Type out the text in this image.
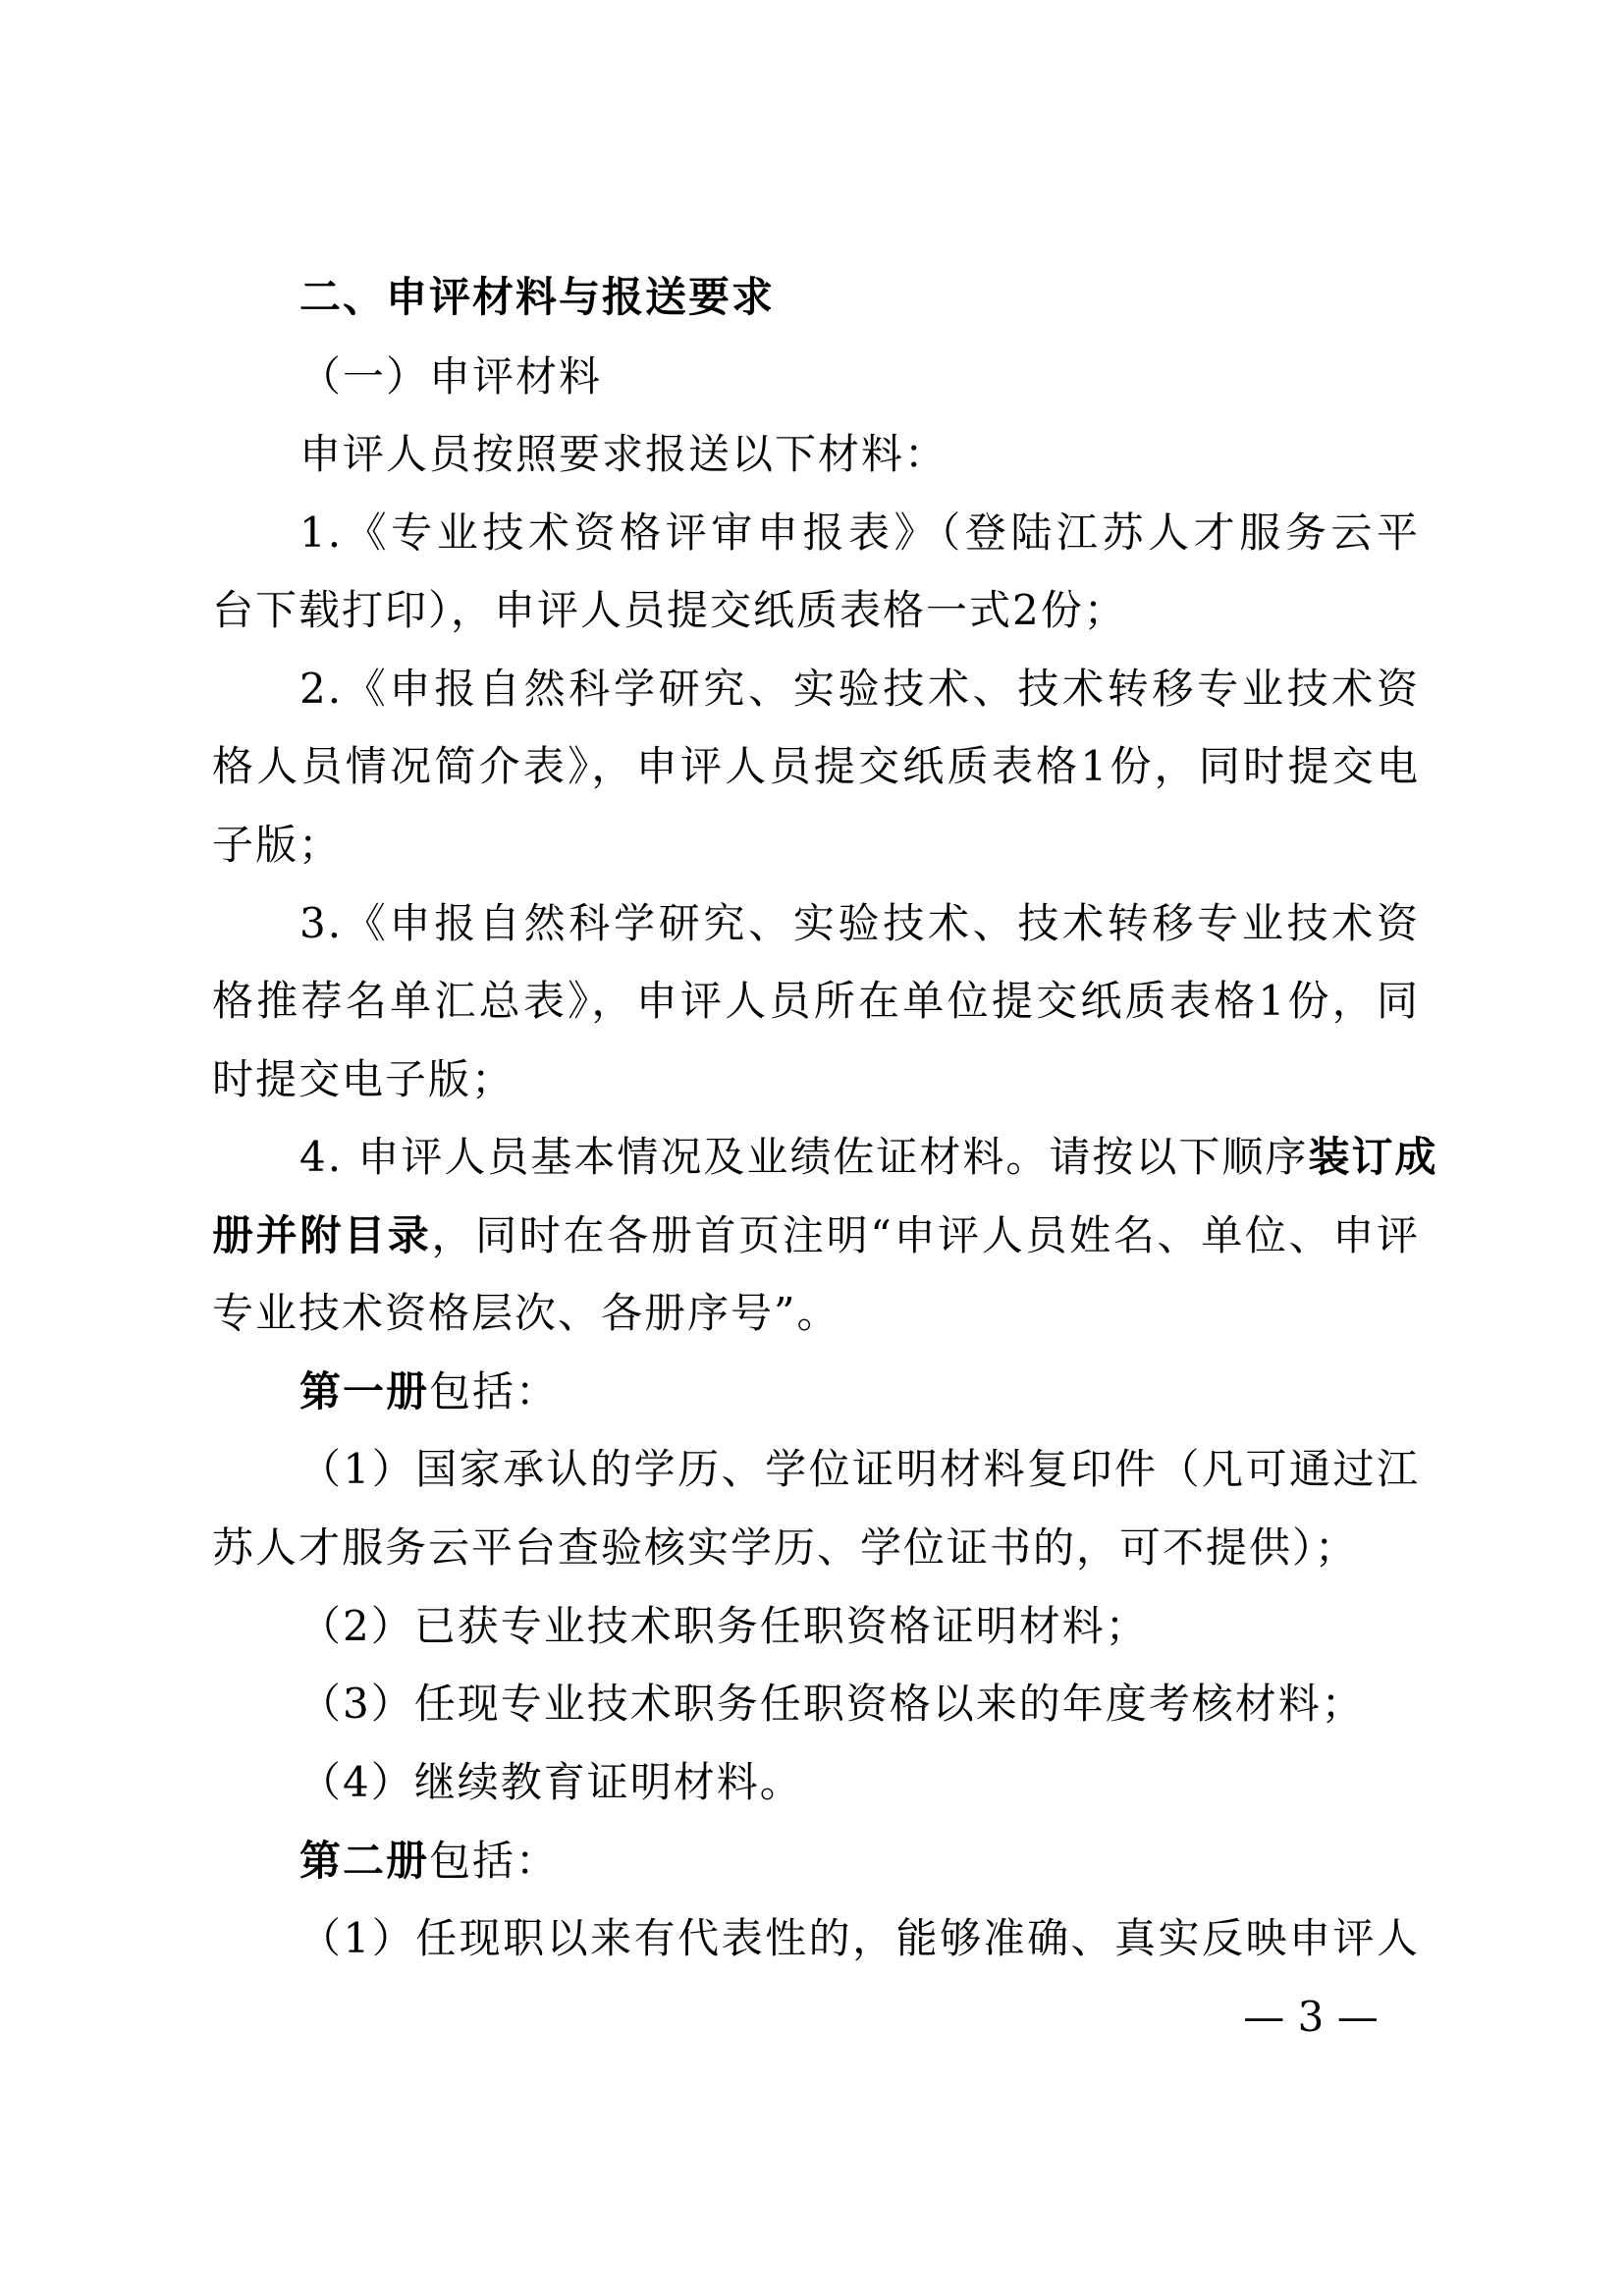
二、申评材料与报送要求
（一）申评材料
申评人员按照要求报送以下材料：
1.《专业技术资格评审申报表》（登陆江苏人才服务云平
台下载打印），申评人员提交纸质表格一式2份；
2.《申报自然科学研究、实验技术、技术转移专业技术资
格人员情况简介表》，申评人员提交纸质表格1份，同时提交电
子版；
3.《申报自然科学研究、实验技术、技术转移专业技术资
格推荐名单汇总表》，申评人员所在单位提交纸质表格1份，同
时提交电子版；
4. 申评人员基本情况及业绩佐证材料。请按以下顺序装订成
册并附目录，同时在各册首页注明“申评人员姓名、单位、申评
专业技术资格层次、各册序号”。
第一册包括：
（1）国家承认的学历、学位证明材料复印件（凡可通过江
苏人才服务云平台查验核实学历、学位证书的，可不提供）；
（2）已获专业技术职务任职资格证明材料；
（3）任现专业技术职务任职资格以来的年度考核材料；
（4）继续教育证明材料。
第二册包括：
（1）任现职以来有代表性的，能够准确、真实反映申评人
— 3 —
